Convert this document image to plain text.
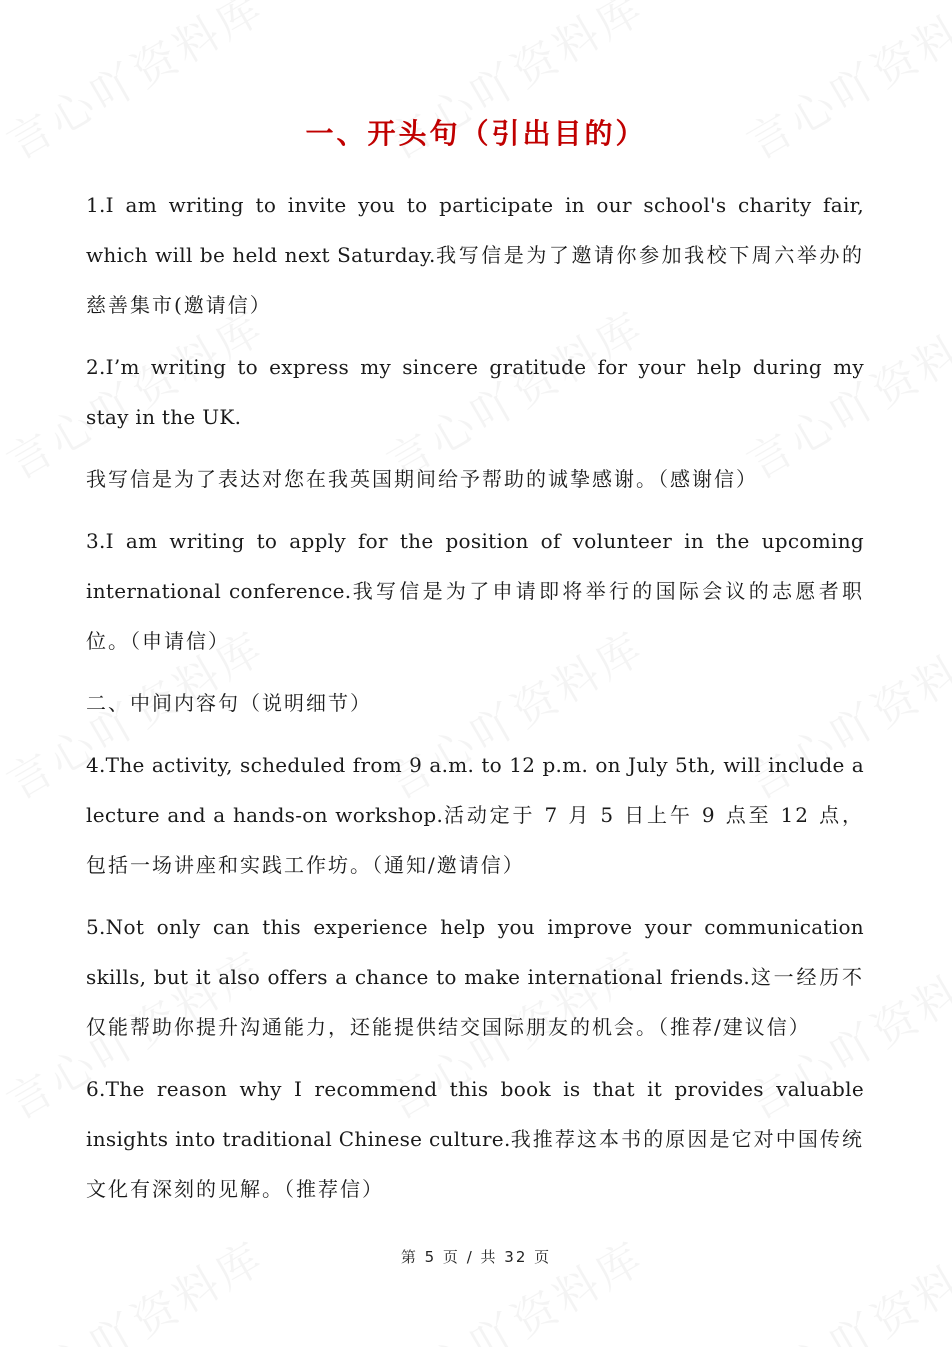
一、开头句（引出目的）

1.I am writing to invite you to participate in our school's charity fair, which will be held next Saturday.我写信是为了邀请你参加我校下周六举办的慈善集市(邀请信）

2.I’m writing to express my sincere gratitude for your help during my stay in the UK.

我写信是为了表达对您在我英国期间给予帮助的诚挚感谢。（感谢信）

3.I am writing to apply for the position of volunteer in the upcoming international conference.我写信是为了申请即将举行的国际会议的志愿者职位。（申请信）

二、中间内容句（说明细节）

4.The activity, scheduled from 9 a.m. to 12 p.m. on July 5th, will include a lecture and a hands-on workshop.活动定于 7 月 5 日上午 9 点至 12 点，包括一场讲座和实践工作坊。（通知/邀请信）

5.Not only can this experience help you improve your communication skills, but it also offers a chance to make international friends.这一经历不仅能帮助你提升沟通能力，还能提供结交国际朋友的机会。（推荐/建议信）

6.The reason why I recommend this book is that it provides valuable insights into traditional Chinese culture.我推荐这本书的原因是它对中国传统文化有深刻的见解。（推荐信）

第 5 页 / 共 32 页
